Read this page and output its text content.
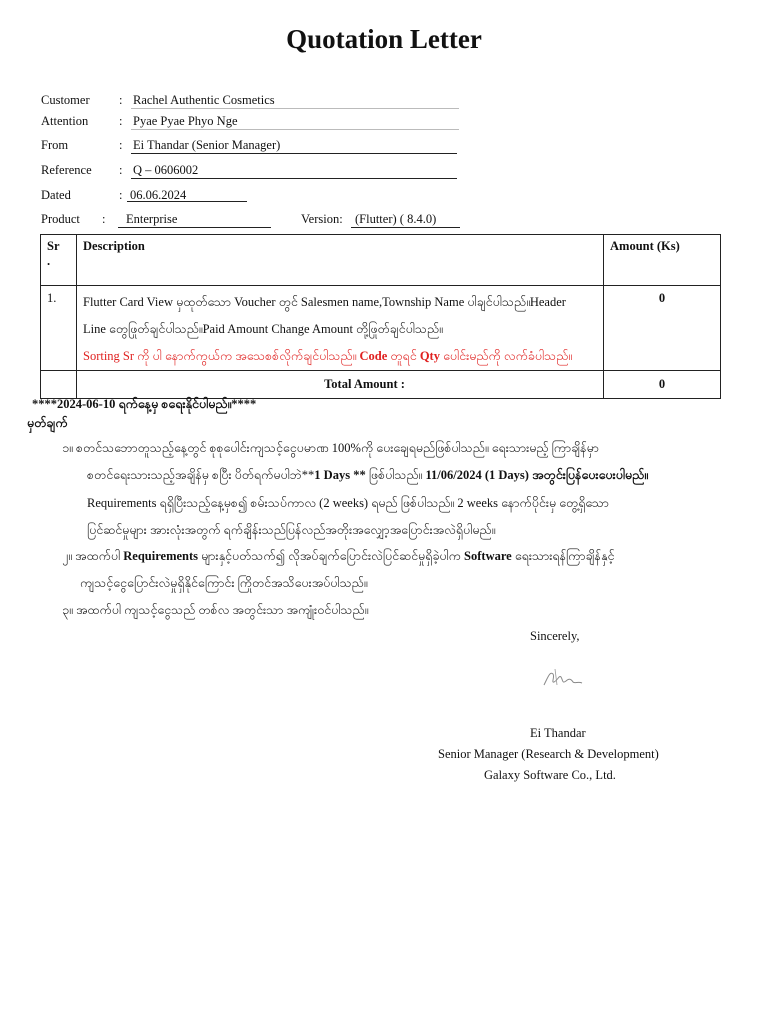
Quotation Letter
Customer : Rachel Authentic Cosmetics
Attention : Pyae Pyae Phyo Nge
From	: Ei Thandar (Senior Manager)
Reference : Q – 0606002
Dated	: 06.06.2024
Product : Enterprise	Version: (Flutter) ( 8.4.0)
Sr
.	Description	Amount (Ks)
1.	Flutter Card View မှထုတ်သော Voucher တွင် Salesmen name,Township Name ပါချင်ပါသည်။Header
Line တွေဖြုတ်ချင်ပါသည်။Paid Amount Change Amount တို့ဖြုတ်ချင်ပါသည်။
Sorting Sr ကို ပါ နောက်ကွယ်က အသေစစ်လိုက်ချင်ပါသည်။ Code တူရင် Qty ပေါင်းမည်ကို လက်ခံပါသည်။	0
	Total Amount :	0
****2024-06-10 ရက်နေ့မှ စရေးနိုင်ပါမည်။****
မှတ်ချက်
၁။ စတင်သဘောတူသည့်နေ့တွင် စုစုပေါင်းကျသင့်ငွေပမာဏ 100%ကို ပေးချေရမည်ဖြစ်ပါသည်။ ရေးသားမည့် ကြာချိန်မှာ
စတင်ရေးသားသည့်အချိန်မှ စပြီး ပိတ်ရက်မပါဘဲ**1 Days ** ဖြစ်ပါသည်။ 11/06/2024 (1 Days) အတွင်းပြန်ပေးပေးပါမည်။
Requirements ရရှိပြီးသည့်နေ့မှစ၍ စမ်းသပ်ကာလ (2 weeks) ရမည် ဖြစ်ပါသည်။ 2 weeks နောက်ပိုင်းမှ တွေ့ရှိသော
ပြင်ဆင်မှုများ အားလုံးအတွက် ရက်ချိန်းသည်ပြန်လည်အတိုးအလျှော့အပြောင်းအလဲရှိပါမည်။
၂။ အထက်ပါ Requirements များနှင့်ပတ်သက်၍ လိုအပ်ချက်ပြောင်းလဲပြင်ဆင်မှုရှိခဲ့ပါက Software ရေးသားရန်ကြာချိန်နှင့်
ကျသင့်ငွေပြောင်းလဲမှုရှိနိုင်ကြောင်း ကြိုတင်အသိပေးအပ်ပါသည်။
၃။ အထက်ပါ ကျသင့်ငွေသည် တစ်လ အတွင်းသာ အကျုံးဝင်ပါသည်။
Sincerely,
Ei Thandar
Senior Manager (Research & Development)
Galaxy Software Co., Ltd.
